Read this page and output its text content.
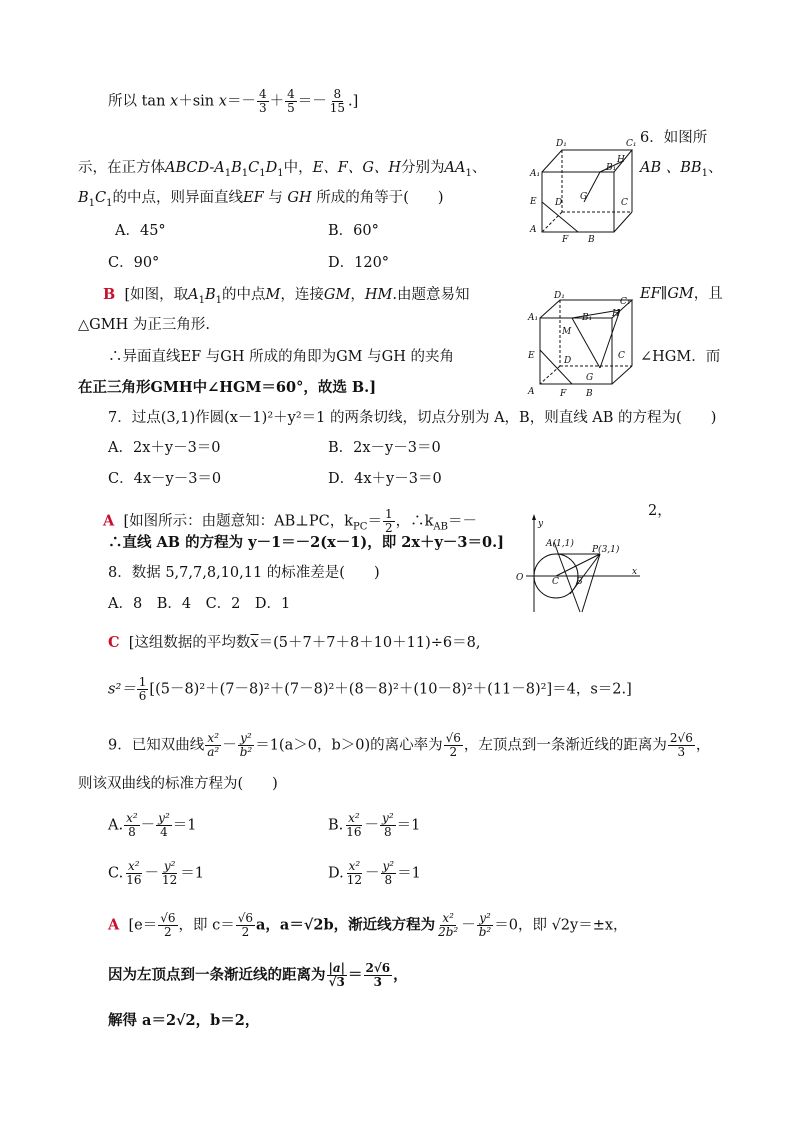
所以 tan x＋sin $x=- \frac{4}{3} + \frac{4}{5} =- \frac{8}{15}$ .]
6．如图所
示，在正方体ABCD-$A_1B_1C_1D_1$中，E、F、G、H分别为$AA_1$、	AB 、$BB_1$、
$B_1C_1$的中点，则异面直线EF 与 GH 所成的角等于(　　)
A．45°	B．60°
C．90°	D．120°
D₁	C₁
A₁
B₁
H
E D
G
C
A
F B
B [如图，取$A_1B_1$的中点M，连接GM，HM.由题意易知	EF∥GM，且
△GMH 为正三角形.
∴异面直线EF 与GH 所成的角即为GM 与GH 的夹角	∠HGM．而
在正三角形GMH中∠HGM＝60°，故选 B.]
D₁
C₁
A₁
M
B₁ H
E	D	C
G
A	F B
7．过点(3,1)作圆(x－1)²＋y²＝1 的两条切线，切点分别为 A，B，则直线 AB 的方程为(　　)
A．2x＋y－3＝0	B．2x－y－3＝0
C．4x－y－3＝0	D．4x＋y－3＝0
A [如图所示：由题意知：AB⊥PC，$k_{PC}= \frac{1}{2}$ ，$\therefore k_{AB}=-$
2，
∴直线 AB 的方程为 y－1＝－2(x－1)，即 2x＋y－3＝0.]
y
x
O	C
A(1,1)
P(3,1)
B
8．数据 5,7,7,8,10,11 的标准差是(　　)
A．8　B．4　C．2　D．1
C [这组数据的平均数$\overline{x}=(5+7+7+8+10+11)\div 6=8$,
$s^2= \frac{1}{6} [(5-8)^2+(7-8)^2+(7-8)^2+(8-8)^2+(10-8)^2+(11-8)^2]=4$，s＝2.]
9．已知双曲线 $\frac{\text{x²}}{\text{a²}} - \frac{\text{y²}}{\text{b²}} =1(a>0$，b＞0)的离心率为 $\frac{√6}{2}$ ，左顶点到一条渐近线的距离为 $\frac{2√6}{3}$ ，
则该双曲线的标准方程为(　　)
A. $\frac{\text{x²}}{8} - \frac{\text{y²}}{4} =1$	B. $\frac{\text{x²}}{16} - \frac{\text{y²}}{8} =1$
C. $\frac{\text{x²}}{16} - \frac{\text{y²}}{12} =1$	D. $\frac{\text{x²}}{12} - \frac{\text{y²}}{8} =1$
A [$e= \frac{√6}{2}$ ，即 $c= \frac{√6}{2}$ a，a＝√2b，渐近线方程为 $\frac{\text{x²}}{\text{2b²}} - \frac{\text{y²}}{\text{b²}} =0$，即 √2y＝±x，
因为左顶点到一条渐近线的距离为 $\frac{|a|}{√3} = \frac{2√6}{3}$ ，
解得 a＝2√2，b＝2，
